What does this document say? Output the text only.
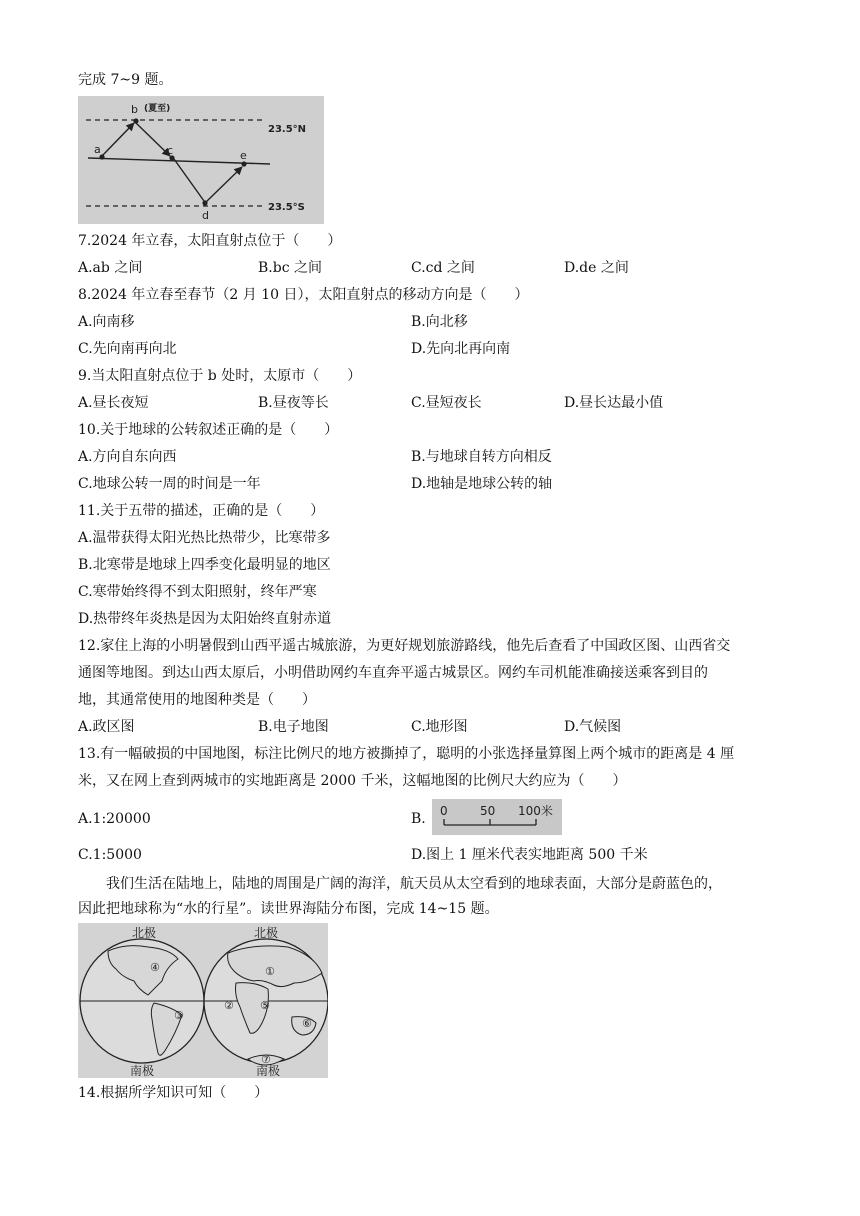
完成 7~9 题。
a
b
c
d
e
(夏至)
23.5°N
23.5°S
7.2024 年立春，太阳直射点位于（　　）
A.ab 之间	B.bc 之间	C.cd 之间	D.de 之间
8.2024 年立春至春节（2 月 10 日），太阳直射点的移动方向是（　　）
A.向南移	B.向北移
C.先向南再向北	D.先向北再向南
9.当太阳直射点位于 b 处时，太原市（　　）
A.昼长夜短	B.昼夜等长	C.昼短夜长	D.昼长达最小值
10.关于地球的公转叙述正确的是（　　）
A.方向自东向西	B.与地球自转方向相反
C.地球公转一周的时间是一年	D.地轴是地球公转的轴
11.关于五带的描述，正确的是（　　）
A.温带获得太阳光热比热带少，比寒带多
B.北寒带是地球上四季变化最明显的地区
C.寒带始终得不到太阳照射，终年严寒
D.热带终年炎热是因为太阳始终直射赤道
12.家住上海的小明暑假到山西平遥古城旅游，为更好规划旅游路线，他先后查看了中国政区图、山西省交
通图等地图。到达山西太原后，小明借助网约车直奔平遥古城景区。网约车司机能准确接送乘客到目的
地，其通常使用的地图种类是（　　）
A.政区图	B.电子地图	C.地形图	D.气候图
13.有一幅破损的中国地图，标注比例尺的地方被撕掉了，聪明的小张选择量算图上两个城市的距离是 4 厘
米，又在网上查到两城市的实地距离是 2000 千米，这幅地图的比例尺大约应为（　　）
A.1:20000	B. 0	50 100米
C.1:5000	D.图上 1 厘米代表实地距离 500 千米
我们生活在陆地上，陆地的周围是广阔的海洋，航天员从太空看到的地球表面，大部分是蔚蓝色的，
因此把地球称为“水的行星”。读世界海陆分布图，完成 14~15 题。
北极	北极
南极	南极
①
②
③
④
⑤
⑥
⑦
14.根据所学知识可知（　　）
